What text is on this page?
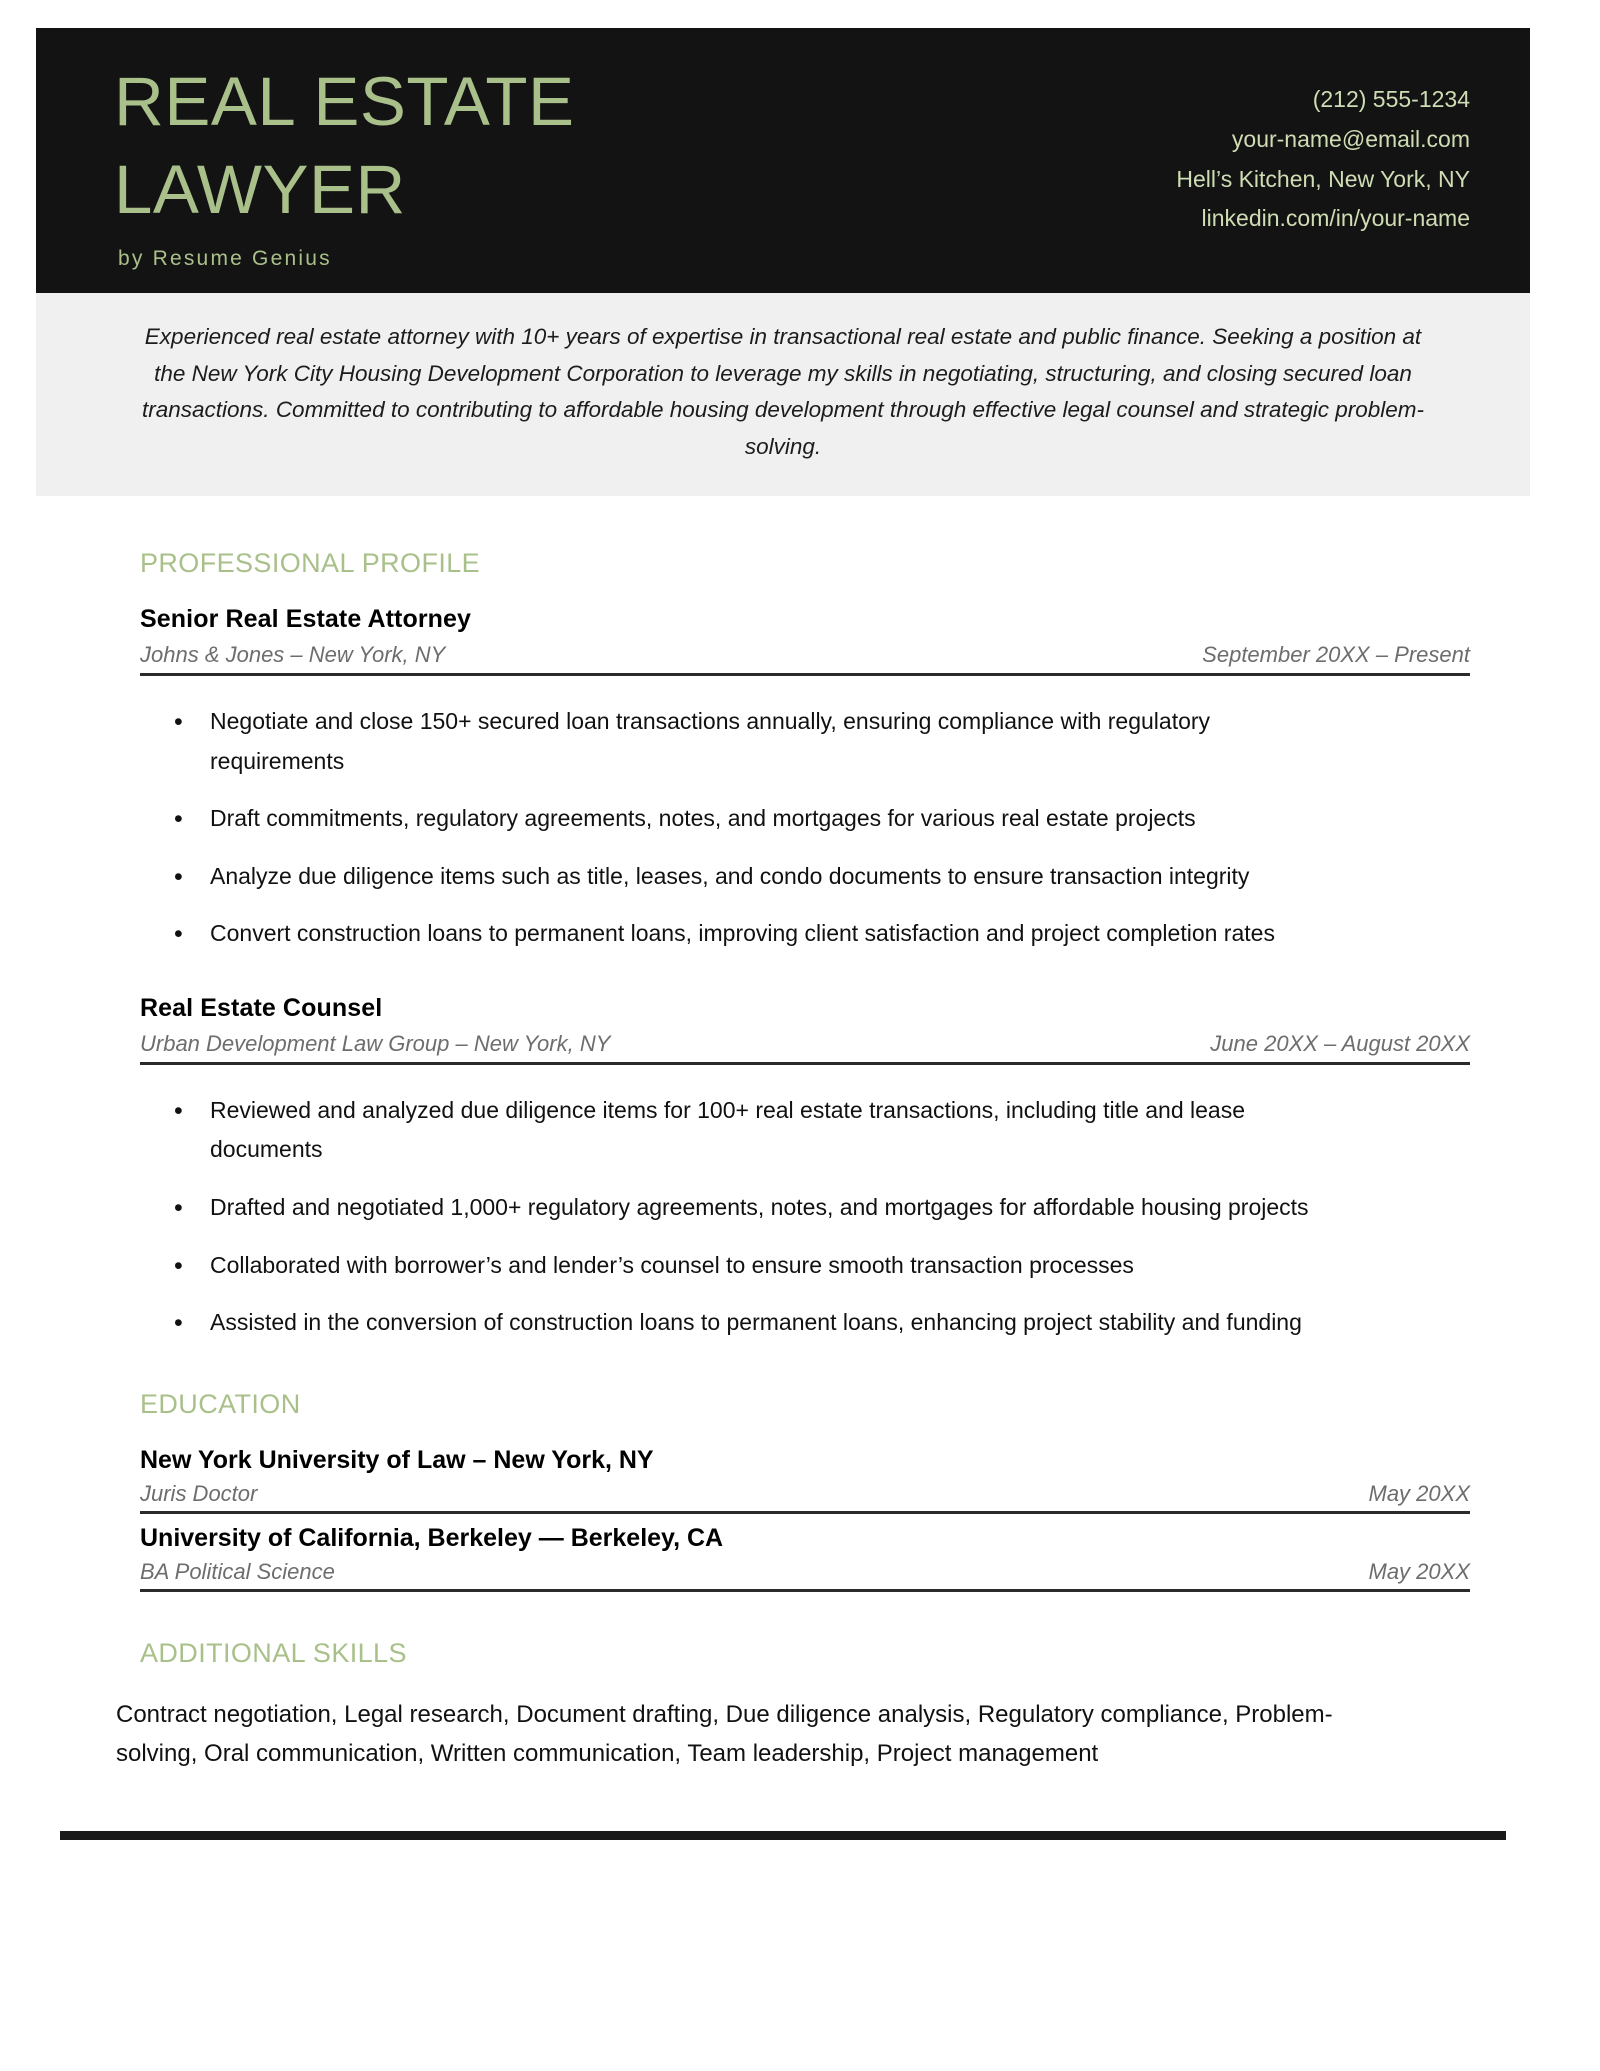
REAL ESTATE
LAWYER
by Resume Genius
(212) 555-1234
your-name@email.com
Hell’s Kitchen, New York, NY
linkedin.com/in/your-name

Experienced real estate attorney with 10+ years of expertise in transactional real estate and public finance. Seeking a position at the New York City Housing Development Corporation to leverage my skills in negotiating, structuring, and closing secured loan transactions. Committed to contributing to affordable housing development through effective legal counsel and strategic problem-solving.

PROFESSIONAL PROFILE
Senior Real Estate Attorney
Johns & Jones – New York, NY	September 20XX – Present
• Negotiate and close 150+ secured loan transactions annually, ensuring compliance with regulatory requirements
• Draft commitments, regulatory agreements, notes, and mortgages for various real estate projects
• Analyze due diligence items such as title, leases, and condo documents to ensure transaction integrity
• Convert construction loans to permanent loans, improving client satisfaction and project completion rates
Real Estate Counsel
Urban Development Law Group – New York, NY	June 20XX – August 20XX
• Reviewed and analyzed due diligence items for 100+ real estate transactions, including title and lease documents
• Drafted and negotiated 1,000+ regulatory agreements, notes, and mortgages for affordable housing projects
• Collaborated with borrower’s and lender’s counsel to ensure smooth transaction processes
• Assisted in the conversion of construction loans to permanent loans, enhancing project stability and funding
EDUCATION
New York University of Law – New York, NY
Juris Doctor	May 20XX
University of California, Berkeley — Berkeley, CA
BA Political Science	May 20XX
ADDITIONAL SKILLS
Contract negotiation, Legal research, Document drafting, Due diligence analysis, Regulatory compliance, Problem-solving, Oral communication, Written communication, Team leadership, Project management
